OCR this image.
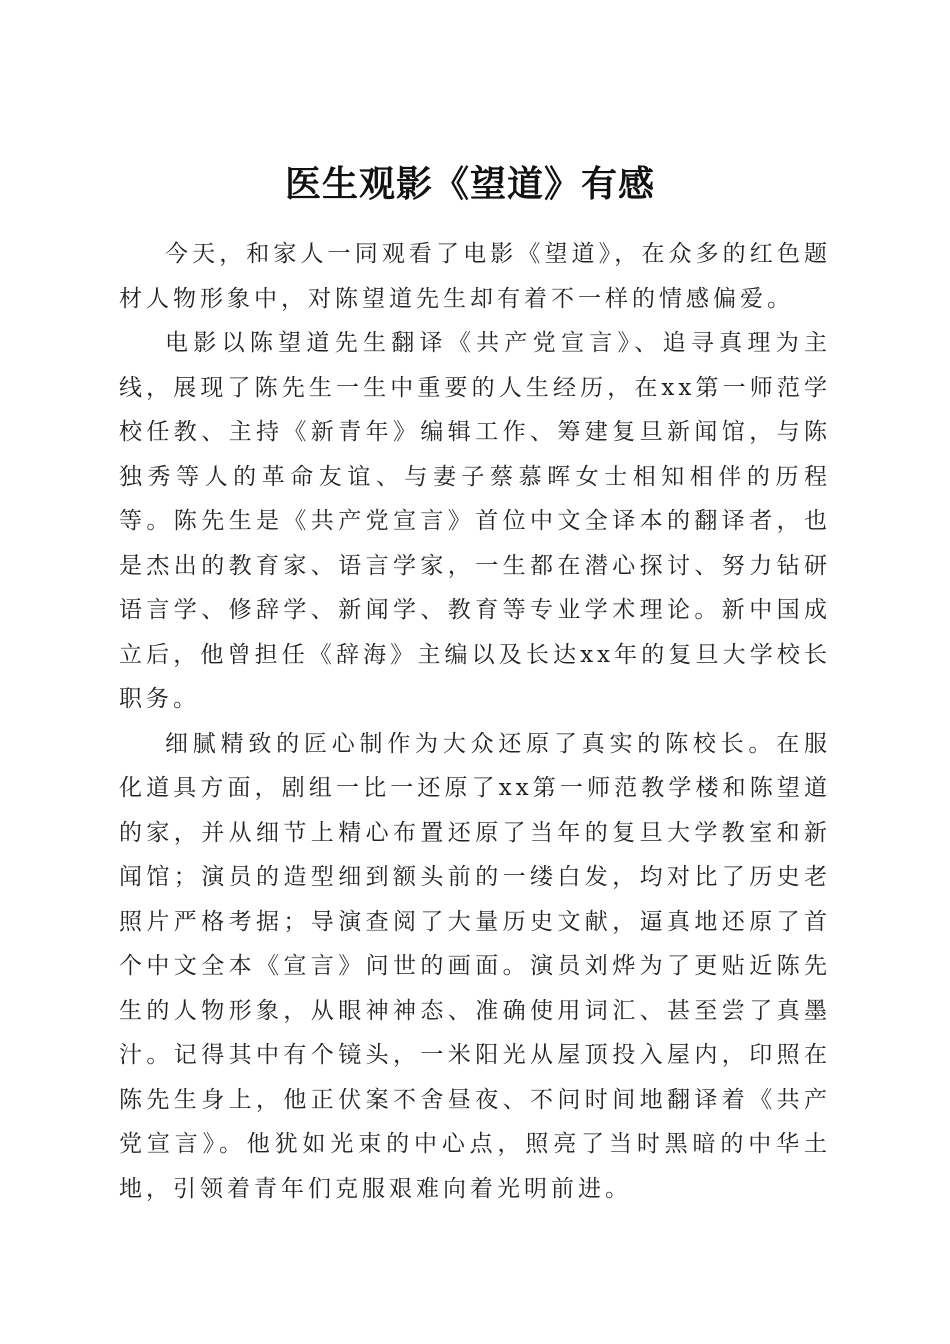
医生观影《望道》有感

今天，和家人一同观看了电影《望道》，在众多的红色题材人物形象中，对陈望道先生却有着不一样的情感偏爱。

电影以陈望道先生翻译《共产党宣言》、追寻真理为主线，展现了陈先生一生中重要的人生经历，在xx第一师范学校任教、主持《新青年》编辑工作、筹建复旦新闻馆，与陈独秀等人的革命友谊、与妻子蔡慕晖女士相知相伴的历程等。陈先生是《共产党宣言》首位中文全译本的翻译者，也是杰出的教育家、语言学家，一生都在潜心探讨、努力钻研语言学、修辞学、新闻学、教育等专业学术理论。新中国成立后，他曾担任《辞海》主编以及长达xx年的复旦大学校长职务。

细腻精致的匠心制作为大众还原了真实的陈校长。在服化道具方面，剧组一比一还原了xx第一师范教学楼和陈望道的家，并从细节上精心布置还原了当年的复旦大学教室和新闻馆；演员的造型细到额头前的一缕白发，均对比了历史老照片严格考据；导演查阅了大量历史文献，逼真地还原了首个中文全本《宣言》问世的画面。演员刘烨为了更贴近陈先生的人物形象，从眼神神态、准确使用词汇、甚至尝了真墨汁。记得其中有个镜头，一米阳光从屋顶投入屋内，印照在陈先生身上，他正伏案不舍昼夜、不问时间地翻译着《共产党宣言》。他犹如光束的中心点，照亮了当时黑暗的中华土地，引领着青年们克服艰难向着光明前进。
